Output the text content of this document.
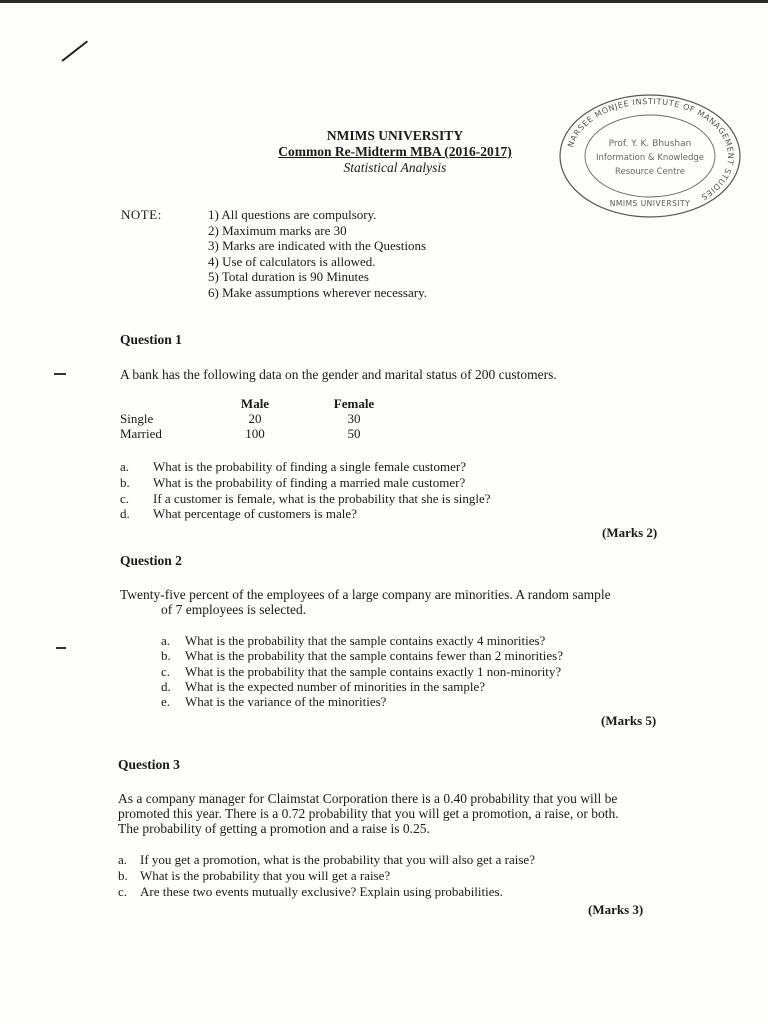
NMIMS UNIVERSITY
Common Re-Midterm MBA (2016-2017)
Statistical Analysis
NARSEE MONJEE INSTITUTE OF MANAGEMENT STUDIES
Prof. Y. K. Bhushan
Information & Knowledge
Resource Centre
NMIMS UNIVERSITY
NOTE:	1) All questions are compulsory.
2) Maximum marks are 30
3) Marks are indicated with the Questions
4) Use of calculators is allowed.
5) Total duration is 90 Minutes
6) Make assumptions wherever necessary.
Question 1
A bank has the following data on the gender and marital status of 200 customers.
	Male	Female
Single	20	30
Married	100	50
a. What is the probability of finding a single female customer?
b. What is the probability of finding a married male customer?
c. If a customer is female, what is the probability that she is single?
d. What percentage of customers is male?
(Marks 2)
Question 2
Twenty-five percent of the employees of a large company are minorities. A random sample
of 7 employees is selected.
a. What is the probability that the sample contains exactly 4 minorities?
b. What is the probability that the sample contains fewer than 2 minorities?
c. What is the probability that the sample contains exactly 1 non-minority?
d. What is the expected number of minorities in the sample?
e. What is the variance of the minorities?
(Marks 5)
Question 3
As a company manager for Claimstat Corporation there is a 0.40 probability that you will be
promoted this year. There is a 0.72 probability that you will get a promotion, a raise, or both.
The probability of getting a promotion and a raise is 0.25.
a. If you get a promotion, what is the probability that you will also get a raise?
b. What is the probability that you will get a raise?
c. Are these two events mutually exclusive? Explain using probabilities.
(Marks 3)
